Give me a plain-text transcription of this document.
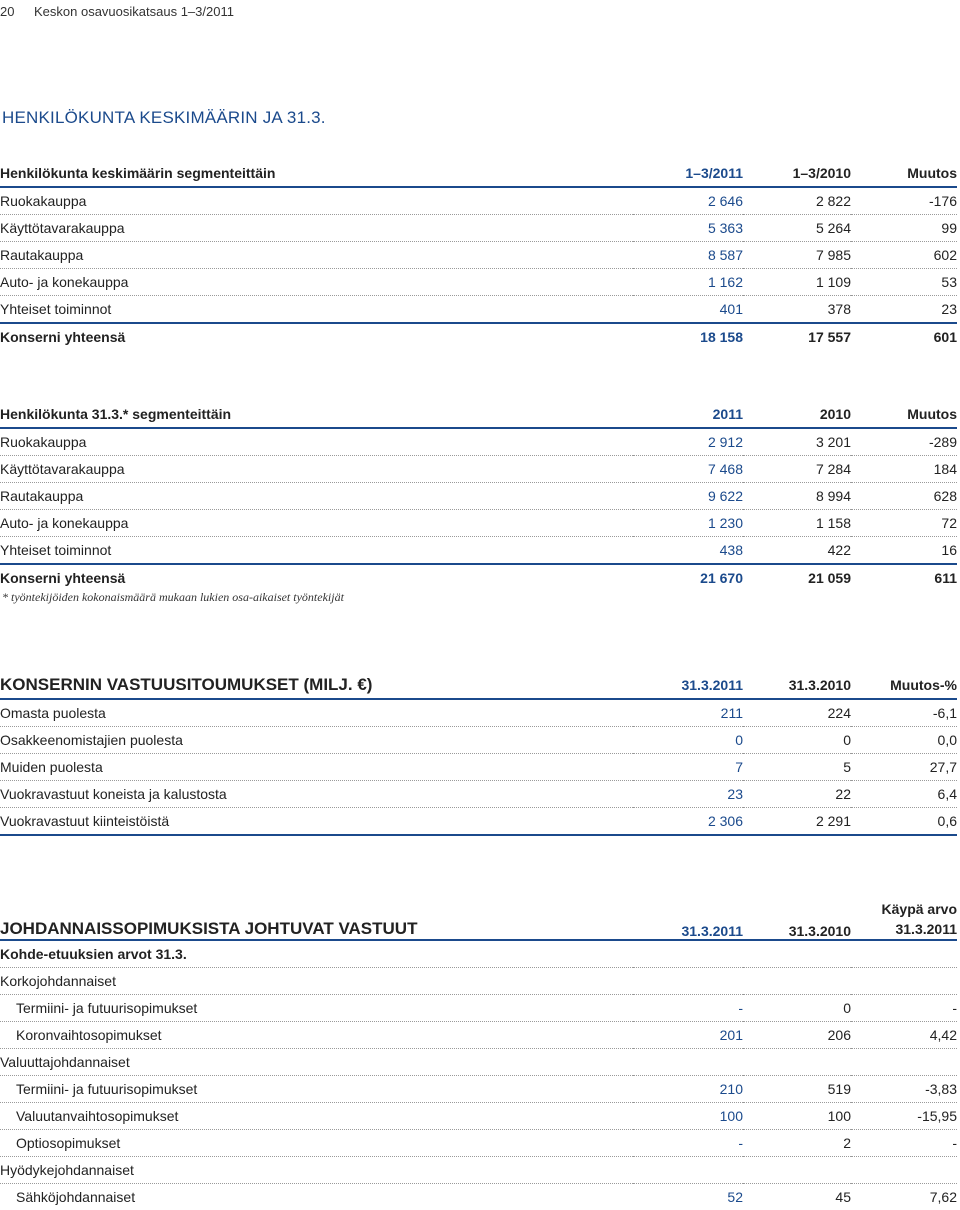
20 Keskon osavuosikatsaus 1–3/2011
HENKILÖKUNTA KESKIMÄÄRIN JA 31.3.
Henkilökunta keskimäärin segmenteittäin	1–3/2011	1–3/2010	Muutos
Ruokakauppa	2 646	2 822	-176
Käyttötavarakauppa	5 363	5 264	99
Rautakauppa	8 587	7 985	602
Auto- ja konekauppa	1 162	1 109	53
Yhteiset toiminnot	401	378	23
Konserni yhteensä	18 158	17 557	601
Henkilökunta 31.3.* segmenteittäin	2011	2010	Muutos
Ruokakauppa	2 912	3 201	-289
Käyttötavarakauppa	7 468	7 284	184
Rautakauppa	9 622	8 994	628
Auto- ja konekauppa	1 230	1 158	72
Yhteiset toiminnot	438	422	16
Konserni yhteensä	21 670	21 059	611
* työntekijöiden kokonaismäärä mukaan lukien osa-aikaiset työntekijät
KONSERNIN VASTUUSITOUMUKSET (MILJ. €)	31.3.2011	31.3.2010	Muutos-%
Omasta puolesta	211	224	-6,1
Osakkeenomistajien puolesta	0	0	0,0
Muiden puolesta	7	5	27,7
Vuokravastuut koneista ja kalustosta	23	22	6,4
Vuokravastuut kiinteistöistä	2 306	2 291	0,6

JOHDANNAISSOPIMUKSISTA JOHTUVAT VASTUUT	31.3.2011	31.3.2010	Käypä arvo
31.3.2011
Kohde-etuuksien arvot 31.3.			
Korkojohdannaiset			
Termiini- ja futuurisopimukset	-	0	-
Koronvaihtosopimukset	201	206	4,42
Valuuttajohdannaiset			
Termiini- ja futuurisopimukset	210	519	-3,83
Valuutanvaihtosopimukset	100	100	-15,95
Optiosopimukset	-	2	-
Hyödykejohdannaiset			
Sähköjohdannaiset	52	45	7,62
